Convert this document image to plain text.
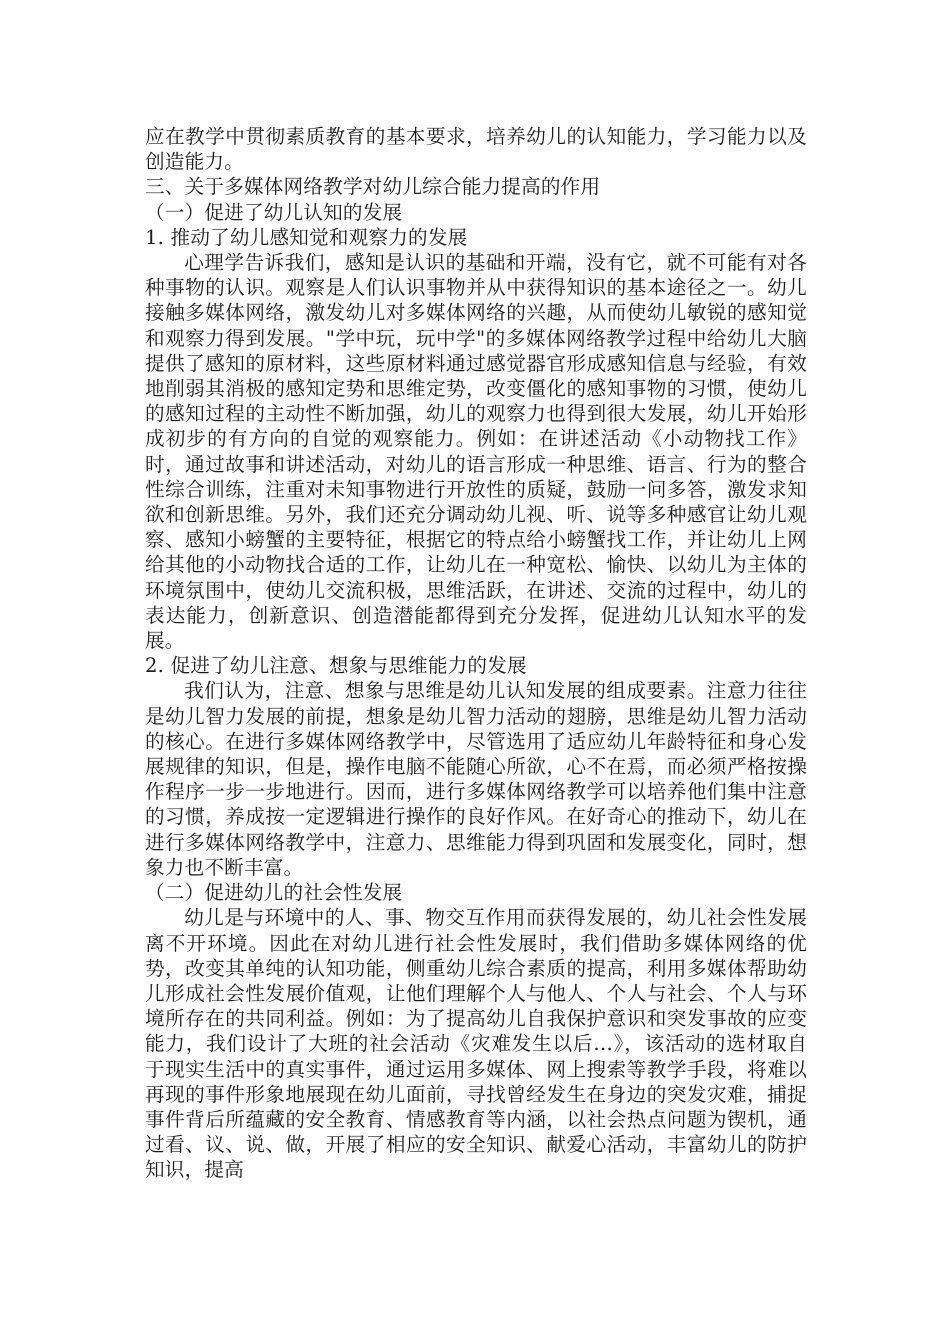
应在教学中贯彻素质教育的基本要求，培养幼儿的认知能力，学习能力以及创造能力。

三、关于多媒体网络教学对幼儿综合能力提高的作用

（一）促进了幼儿认知的发展

1. 推动了幼儿感知觉和观察力的发展

心理学告诉我们，感知是认识的基础和开端，没有它，就不可能有对各种事物的认识。观察是人们认识事物并从中获得知识的基本途径之一。幼儿接触多媒体网络，激发幼儿对多媒体网络的兴趣，从而使幼儿敏锐的感知觉和观察力得到发展。"学中玩，玩中学"的多媒体网络教学过程中给幼儿大脑提供了感知的原材料，这些原材料通过感觉器官形成感知信息与经验，有效地削弱其消极的感知定势和思维定势，改变僵化的感知事物的习惯，使幼儿的感知过程的主动性不断加强，幼儿的观察力也得到很大发展，幼儿开始形成初步的有方向的自觉的观察能力。例如：在讲述活动《小动物找工作》时，通过故事和讲述活动，对幼儿的语言形成一种思维、语言、行为的整合性综合训练，注重对未知事物进行开放性的质疑，鼓励一问多答，激发求知欲和创新思维。另外，我们还充分调动幼儿视、听、说等多种感官让幼儿观察、感知小螃蟹的主要特征，根据它的特点给小螃蟹找工作，并让幼儿上网给其他的小动物找合适的工作，让幼儿在一种宽松、愉快、以幼儿为主体的环境氛围中，使幼儿交流积极，思维活跃，在讲述、交流的过程中，幼儿的表达能力，创新意识、创造潜能都得到充分发挥，促进幼儿认知水平的发展。

2. 促进了幼儿注意、想象与思维能力的发展

我们认为，注意、想象与思维是幼儿认知发展的组成要素。注意力往往是幼儿智力发展的前提，想象是幼儿智力活动的翅膀，思维是幼儿智力活动的核心。在进行多媒体网络教学中，尽管选用了适应幼儿年龄特征和身心发展规律的知识，但是，操作电脑不能随心所欲，心不在焉，而必须严格按操作程序一步一步地进行。因而，进行多媒体网络教学可以培养他们集中注意的习惯，养成按一定逻辑进行操作的良好作风。在好奇心的推动下，幼儿在进行多媒体网络教学中，注意力、思维能力得到巩固和发展变化，同时，想象力也不断丰富。

（二）促进幼儿的社会性发展

幼儿是与环境中的人、事、物交互作用而获得发展的，幼儿社会性发展离不开环境。因此在对幼儿进行社会性发展时，我们借助多媒体网络的优势，改变其单纯的认知功能，侧重幼儿综合素质的提高，利用多媒体帮助幼儿形成社会性发展价值观，让他们理解个人与他人、个人与社会、个人与环境所存在的共同利益。例如：为了提高幼儿自我保护意识和突发事故的应变能力，我们设计了大班的社会活动《灾难发生以后…》，该活动的选材取自于现实生活中的真实事件，通过运用多媒体、网上搜索等教学手段，将难以再现的事件形象地展现在幼儿面前，寻找曾经发生在身边的突发灾难，捕捉事件背后所蕴藏的安全教育、情感教育等内涵，以社会热点问题为锲机，通过看、议、说、做，开展了相应的安全知识、献爱心活动，丰富幼儿的防护知识，提高
